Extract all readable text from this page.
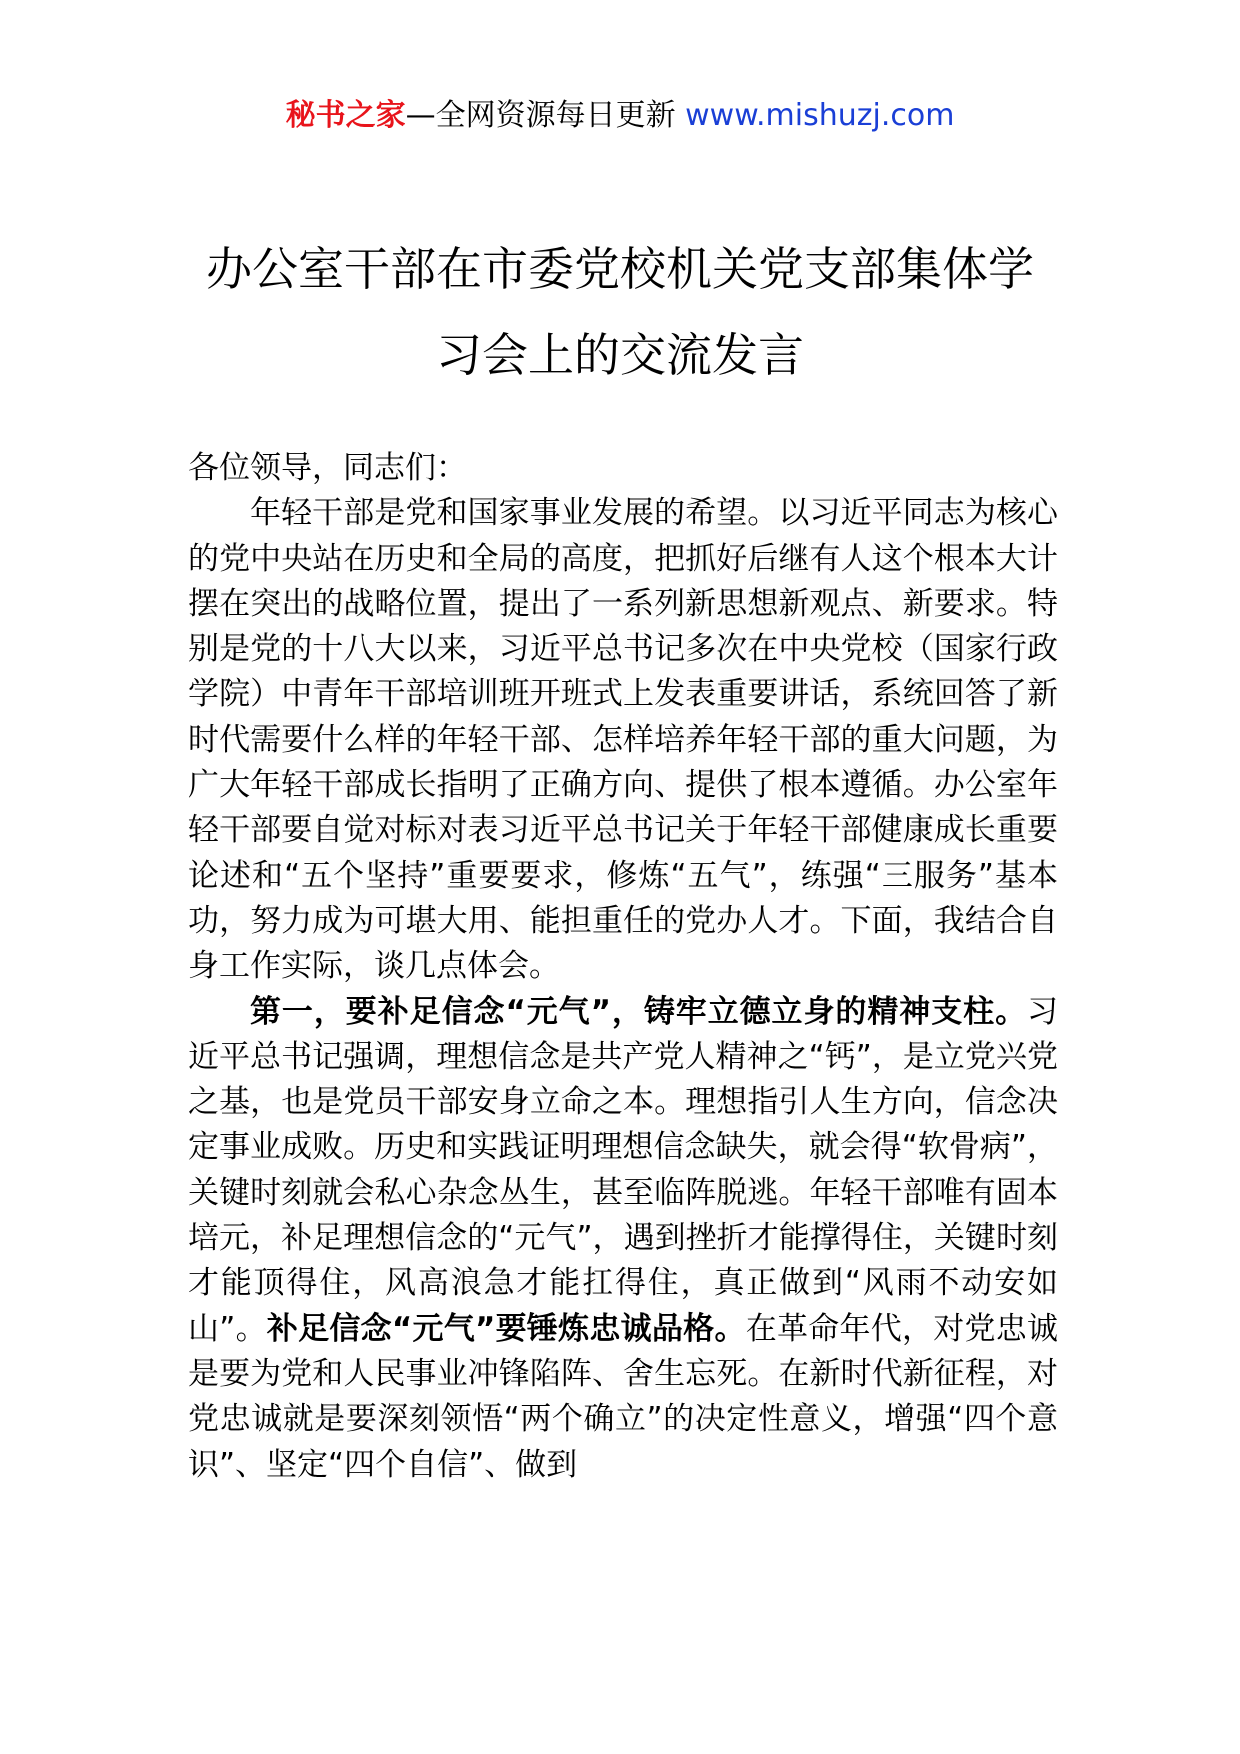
秘书之家—全网资源每日更新 www.mishuzj.com
办公室干部在市委党校机关党支部集体学
习会上的交流发言

各位领导，同志们：

年轻干部是党和国家事业发展的希望。以习近平同志为核心的党中央站在历史和全局的高度，把抓好后继有人这个根本大计摆在突出的战略位置，提出了一系列新思想新观点、新要求。特别是党的十八大以来，习近平总书记多次在中央党校（国家行政学院）中青年干部培训班开班式上发表重要讲话，系统回答了新时代需要什么样的年轻干部、怎样培养年轻干部的重大问题，为广大年轻干部成长指明了正确方向、提供了根本遵循。办公室年轻干部要自觉对标对表习近平总书记关于年轻干部健康成长重要论述和“五个坚持”重要要求，修炼“五气”，练强“三服务”基本功，努力成为可堪大用、能担重任的党办人才。下面，我结合自身工作实际，谈几点体会。

第一，要补足信念“元气”，铸牢立德立身的精神支柱。习近平总书记强调，理想信念是共产党人精神之“钙”，是立党兴党之基，也是党员干部安身立命之本。理想指引人生方向，信念决定事业成败。历史和实践证明理想信念缺失，就会得“软骨病”，关键时刻就会私心杂念丛生，甚至临阵脱逃。年轻干部唯有固本培元，补足理想信念的“元气”，遇到挫折才能撑得住，关键时刻才能顶得住，风高浪急才能扛得住，真正做到“风雨不动安如山”。补足信念“元气”要锤炼忠诚品格。在革命年代，对党忠诚是要为党和人民事业冲锋陷阵、舍生忘死。在新时代新征程，对党忠诚就是要深刻领悟“两个确立”的决定性意义，增强“四个意识”、坚定“四个自信”、做到
